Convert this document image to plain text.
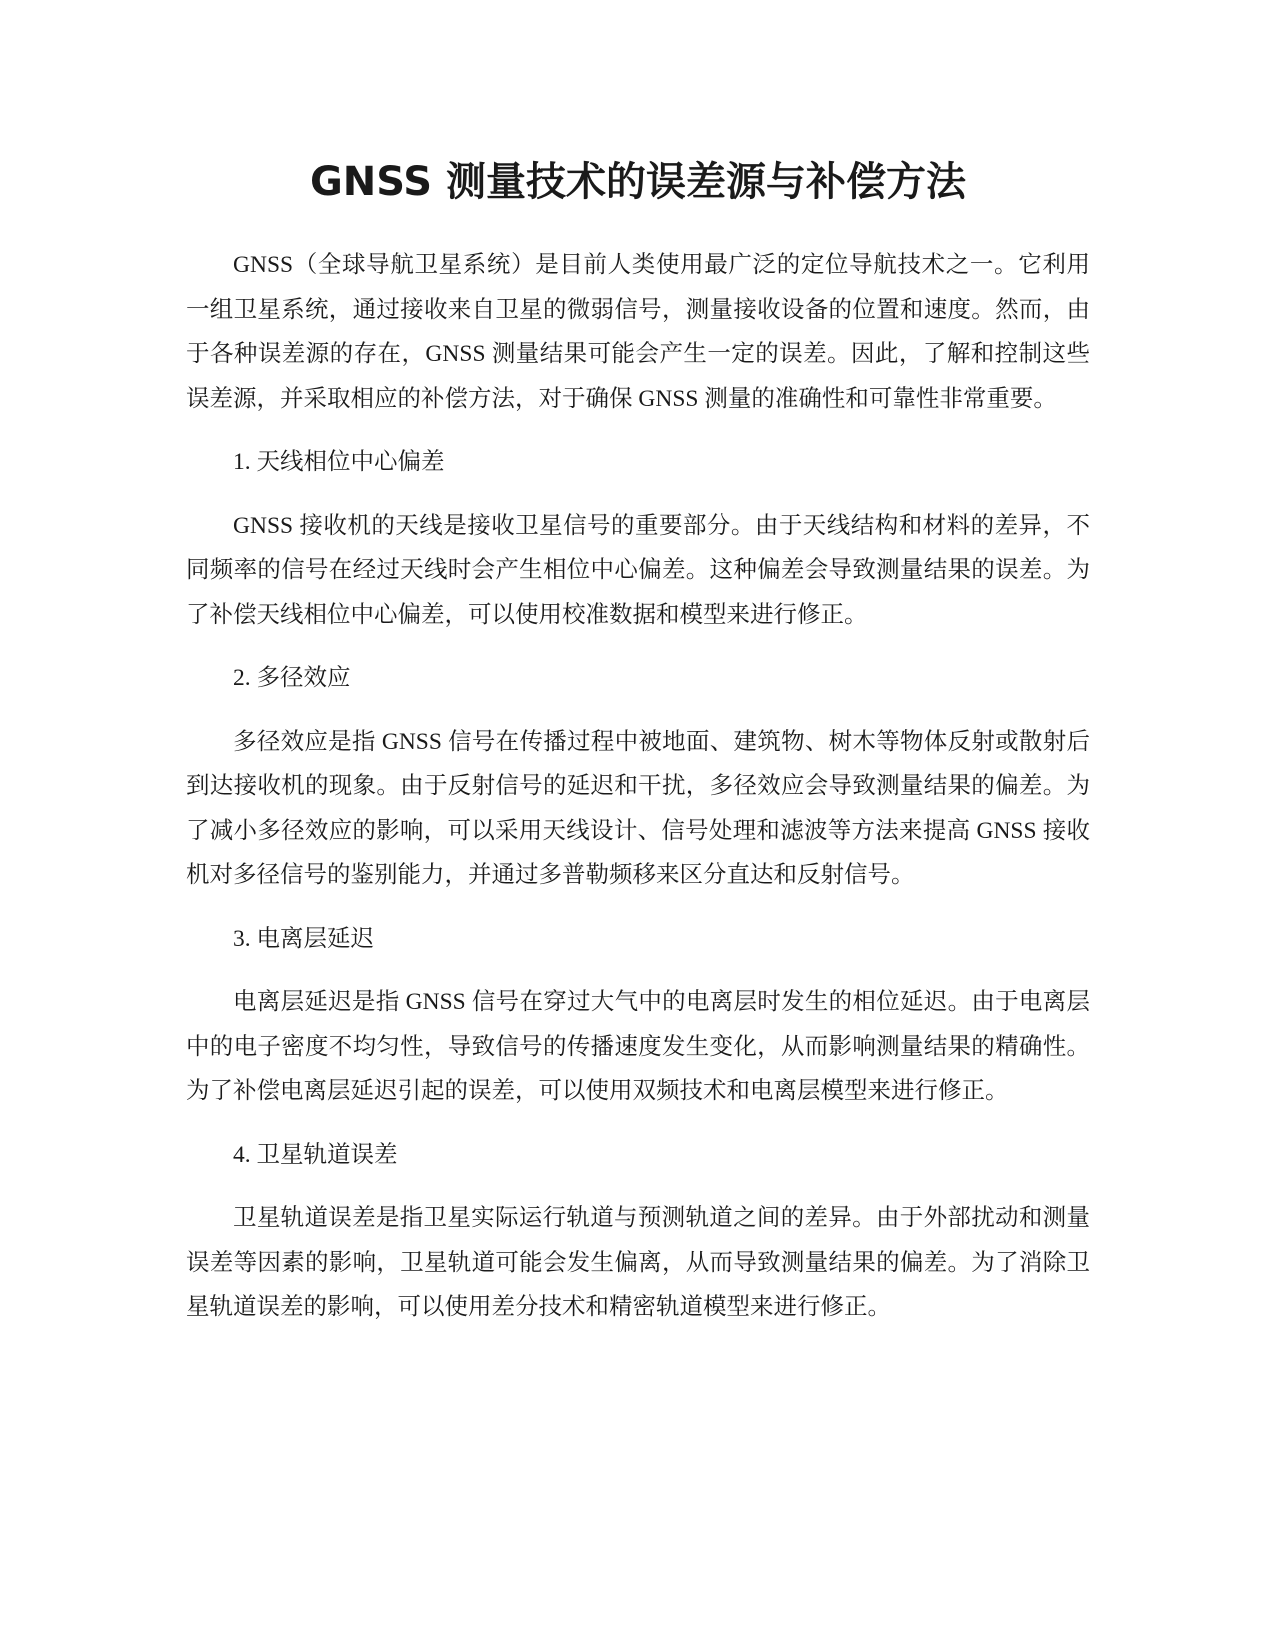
GNSS 测量技术的误差源与补偿方法

GNSS（全球导航卫星系统）是目前人类使用最广泛的定位导航技术之一。它利用一组卫星系统，通过接收来自卫星的微弱信号，测量接收设备的位置和速度。然而，由于各种误差源的存在，GNSS 测量结果可能会产生一定的误差。因此，了解和控制这些误差源，并采取相应的补偿方法，对于确保 GNSS 测量的准确性和可靠性非常重要。

1. 天线相位中心偏差

GNSS 接收机的天线是接收卫星信号的重要部分。由于天线结构和材料的差异，不同频率的信号在经过天线时会产生相位中心偏差。这种偏差会导致测量结果的误差。为了补偿天线相位中心偏差，可以使用校准数据和模型来进行修正。

2. 多径效应

多径效应是指 GNSS 信号在传播过程中被地面、建筑物、树木等物体反射或散射后到达接收机的现象。由于反射信号的延迟和干扰，多径效应会导致测量结果的偏差。为了减小多径效应的影响，可以采用天线设计、信号处理和滤波等方法来提高 GNSS 接收机对多径信号的鉴别能力，并通过多普勒频移来区分直达和反射信号。

3. 电离层延迟

电离层延迟是指 GNSS 信号在穿过大气中的电离层时发生的相位延迟。由于电离层中的电子密度不均匀性，导致信号的传播速度发生变化，从而影响测量结果的精确性。为了补偿电离层延迟引起的误差，可以使用双频技术和电离层模型来进行修正。

4. 卫星轨道误差

卫星轨道误差是指卫星实际运行轨道与预测轨道之间的差异。由于外部扰动和测量误差等因素的影响，卫星轨道可能会发生偏离，从而导致测量结果的偏差。为了消除卫星轨道误差的影响，可以使用差分技术和精密轨道模型来进行修正。
